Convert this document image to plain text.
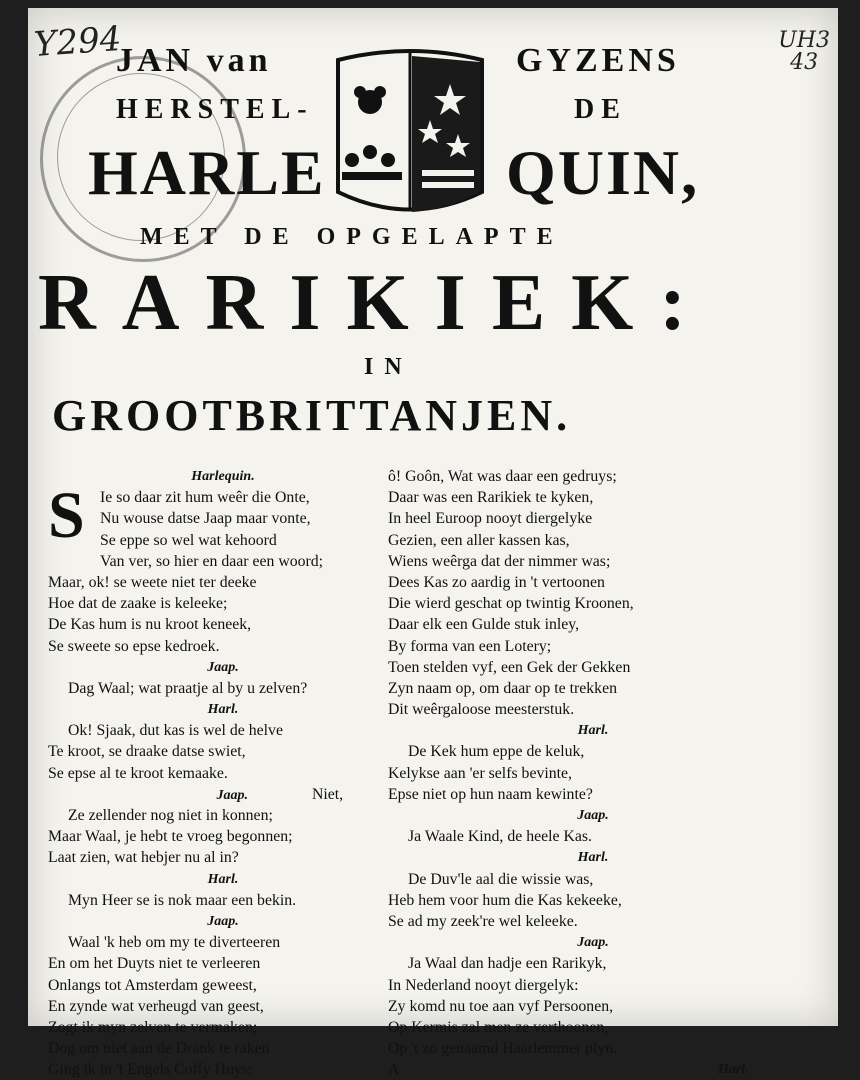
Y294	UH3
43
JAN van	GYZENS
HERSTEL-	DE
HARLE	QUIN,
MET DE OPGELAPTE
RARIKIEK:
IN
GROOTBRITTANJEN.
S
Harlequin.
Ie so daar zit hum weêr die Onte,
Nu wouse datse Jaap maar vonte,
Se eppe so wel wat kehoord
Van ver, so hier en daar een woord;
Maar, ok! se weete niet ter deeke
Hoe dat de zaake is keleeke;
De Kas hum is nu kroot keneek,
Se sweete so epse kedroek.
Jaap.
Dag Waal; wat praatje al by u zelven?
Harl.
Ok! Sjaak, dut kas is wel de helve
Te kroot, se draake datse swiet,
Se epse al te kroot kemaake.
Jaap.	Niet,
Ze zellender nog niet in konnen;
Maar Waal, je hebt te vroeg begonnen;
Laat zien, wat hebjer nu al in?
Harl.
Myn Heer se is nok maar een bekin.
Jaap.
Waal 'k heb om my te diverteeren
En om het Duyts niet te verleeren
Onlangs tot Amsterdam geweest,
En zynde wat verheugd van geest,
Zogt ik myn zelven te vermaken;
Dog om niet aan de Drank te raken
Ging ik in 't Engels Coffy Huys:
ô! Goôn, Wat was daar een gedruys;
Daar was een Rarikiek te kyken,
In heel Euroop nooyt diergelyke
Gezien, een aller kassen kas,
Wiens weêrga dat der nimmer was;
Dees Kas zo aardig in 't vertoonen
Die wierd geschat op twintig Kroonen,
Daar elk een Gulde stuk inley,
By forma van een Lotery;
Toen stelden vyf, een Gek der Gekken
Zyn naam op, om daar op te trekken
Dit weêrgaloose meesterstuk.
Harl.
De Kek hum eppe de keluk,
Kelykse aan 'er selfs bevinte,
Epse niet op hun naam kewinte?
Jaap.
Ja Waale Kind, de heele Kas.
Harl.
De Duv'le aal die wissie was,
Heb hem voor hum die Kas kekeeke,
Se ad my zeek're wel keleeke.
Jaap.
Ja Waal dan hadje een Rarikyk,
In Nederland nooyt diergelyk:
Zy komd nu toe aan vyf Persoonen,
Op Kermis zal men ze verthoonen,
Op 't zo genaamd Haarlemmer plyn.
A	Harl.
